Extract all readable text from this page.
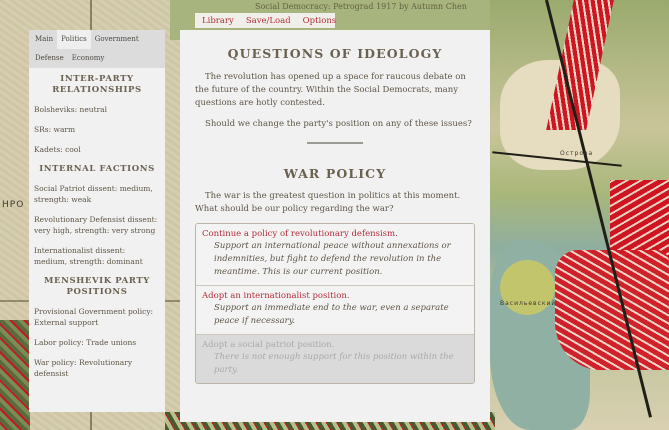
НРО
Васильевский
Острова
Social Democracy: Petrograd 1917 by Autumn Chen
Library Save/Load Options
Main	Politics	Government
Defense	Economy
INTER-PARTY RELATIONSHIPS
Bolsheviks: neutral
SRs: warm
Kadets: cool
INTERNAL FACTIONS
Social Patriot dissent: medium, strength: weak
Revolutionary Defensist dissent: very high, strength: very strong
Internationalist dissent: medium, strength: dominant
MENSHEVIK PARTY POSITIONS
Provisional Government policy: External support
Labor policy: Trade unions
War policy: Revolutionary defensist
QUESTIONS OF IDEOLOGY

The revolution has opened up a space for raucous debate on the future of the country. Within the Social Democrats, many questions are hotly contested.

Should we change the party's position on any of these issues?

WAR POLICY

The war is the greatest question in politics at this moment. What should be our policy regarding the war?

Continue a policy of revolutionary defensism.
Support an international peace without annexations or indemnities, but fight to defend the revolution in the meantime. This is our current position.
Adopt an internationalist position.
Support an immediate end to the war, even a separate peace if necessary.
Adopt a social patriot position.
There is not enough support for this position within the party.
